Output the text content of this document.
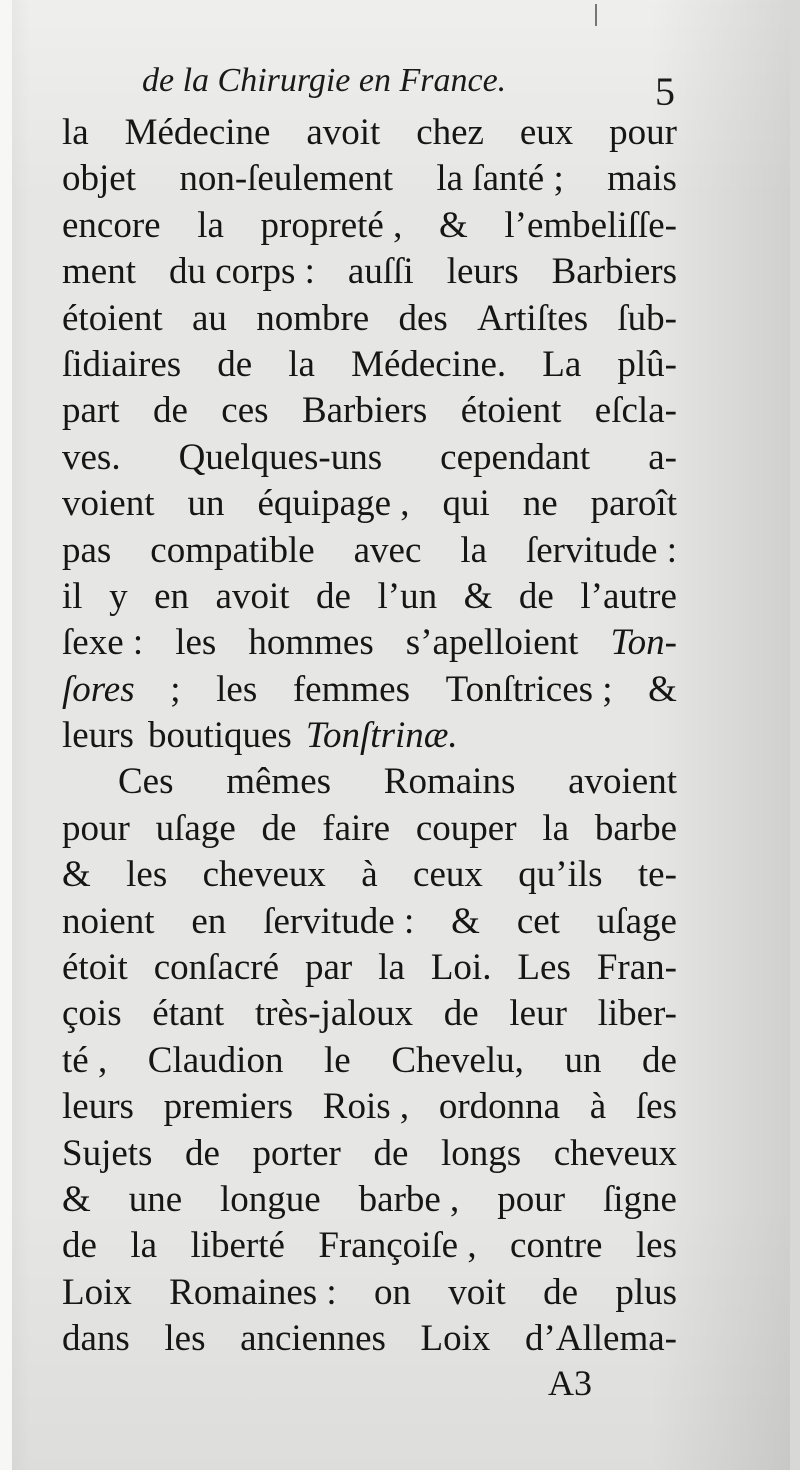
de la Chirurgie en France.	5
la Médecine avoit chez eux pour
objet non-ſeulement la ſanté ; mais
encore la propreté , & l’embeliſſe-
ment du corps : auſſi leurs Barbiers
étoient au nombre des Artiſtes ſub-
ſidiaires de la Médecine. La plû-
part de ces Barbiers étoient eſcla-
ves. Quelques-uns cependant a-
voient un équipage , qui ne paroît
pas compatible avec la ſervitude :
il y en avoit de l’un & de l’autre
ſexe : les hommes s’apelloient Ton-
ſores ; les femmes Tonſtrices ; &
leurs boutiques Tonſtrinæ.
Ces mêmes Romains avoient
pour uſage de faire couper la barbe
& les cheveux à ceux qu’ils te-
noient en ſervitude : & cet uſage
étoit conſacré par la Loi. Les Fran-
çois étant très-jaloux de leur liber-
té , Claudion le Chevelu, un de
leurs premiers Rois , ordonna à ſes
Sujets de porter de longs cheveux
& une longue barbe , pour ſigne
de la liberté Françoiſe , contre les
Loix Romaines : on voit de plus
dans les anciennes Loix d’Allema-
A3
